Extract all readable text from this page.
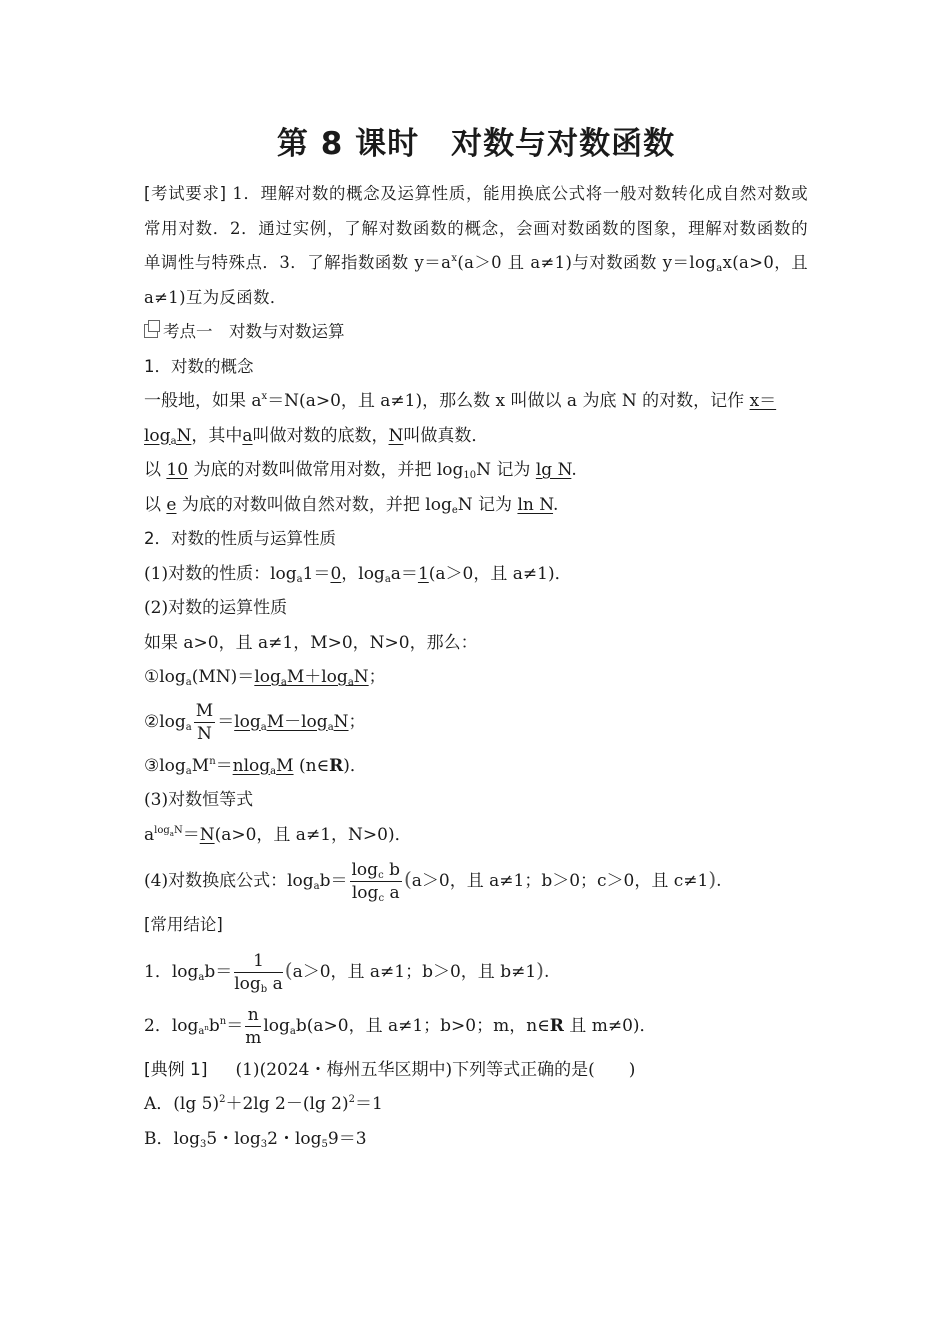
第 8 课时　对数与对数函数
[考试要求] 1．理解对数的概念及运算性质，能用换底公式将一般对数转化成自然对数或常用对数．2．通过实例，了解对数函数的概念，会画对数函数的图象，理解对数函数的单调性与特殊点．3．了解指数函数 $y=a^x(a>0$ 且 a≠1)与对数函数 $y=\log_ax(a>0$，且 a≠1)互为反函数．
考点一　对数与对数运算
1．对数的概念
一般地，如果 $a^x=N(a>0$，且 a≠1)，那么数 x 叫做以 a 为底 N 的对数，记作 x＝
$\log_aN$，其中a叫做对数的底数，N叫做真数．
以 10 为底的对数叫做常用对数，并把 $\log_{10}N$ 记为 lg N.
以 e 为底的对数叫做自然对数，并把 $\log_eN$ 记为 ln N.
2．对数的性质与运算性质
(1)对数的性质：$\log_a1=0$，$\log_aa=1(a>0$，且 a≠1)．
(2)对数的运算性质
如果 a>0，且 a≠1，M>0，N>0，那么：
$①\log_a(MN)=\log_aM+\log_aN$；
$②\log_a \frac{M}{N} =\log_aM-\log_aN$；
$③\log_aM^n=nlog_aM$ (n∈R)．
(3)对数恒等式
$a^{log_aN}=N(a>0$，且 a≠1，N>0)．
(4)对数换底公式：$\log_ab= \frac{\log_c b}{\log_c a} (a>0$，且 a≠1；b＞0；c＞0，且 c≠1).
[常用结论]
1．$\log_ab= \frac{1}{\log_b a} (a>0$，且 a≠1；b＞0，且 b≠1).
2．$\log_{a^n}b^n= \frac{n}{m} \log_ab(a>0$，且 a≠1；b>0；m，n∈R 且 m≠0)．
[典例 1] (1)(2024・梅州五华区期中)下列等式正确的是(　　)
A．(lg 5)$^2$＋2lg 2－(lg 2)$^2$＝1
B．$\log_35$・$\log_32$・$\log_59=3$
